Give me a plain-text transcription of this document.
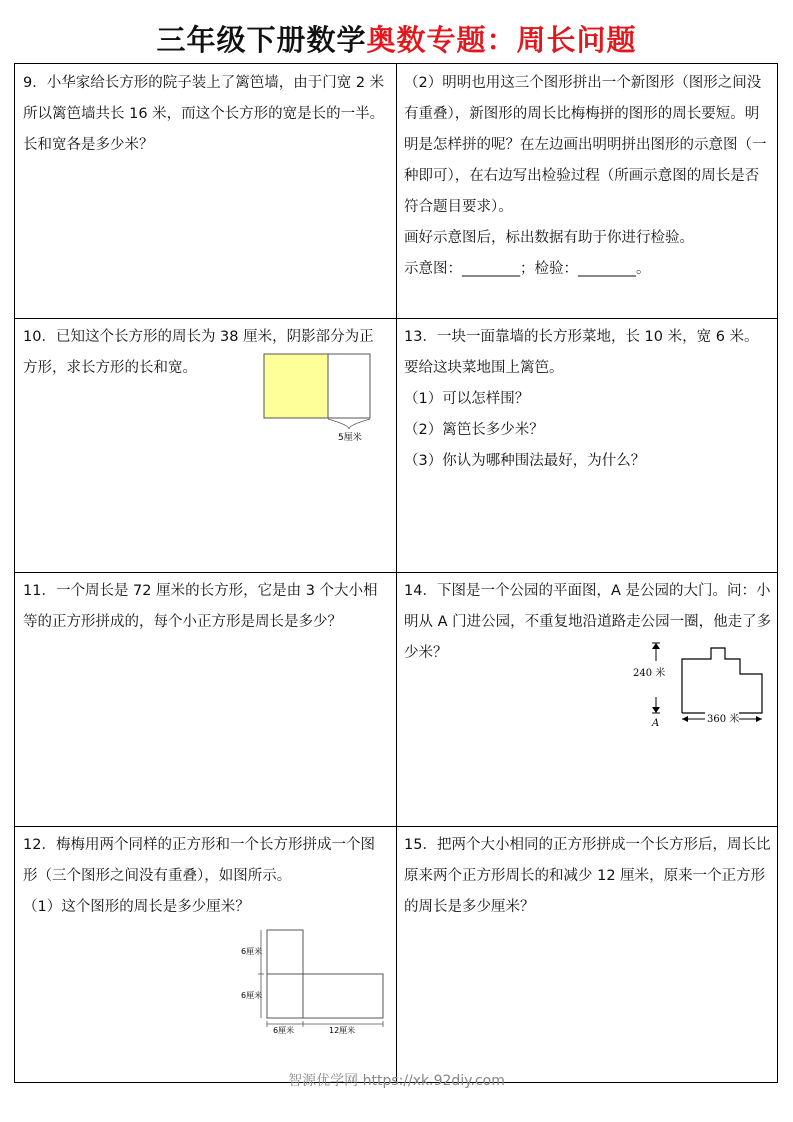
三年级下册数学奥数专题：周长问题

9．小华家给长方形的院子装上了篱笆墙，由于门宽 2 米所以篱笆墙共长 16 米，而这个长方形的宽是长的一半。长和宽各是多少米？

（2）明明也用这三个图形拼出一个新图形（图形之间没有重叠），新图形的周长比梅梅拼的图形的周长要短。明明是怎样拼的呢？在左边画出明明拼出图形的示意图（一种即可），在右边写出检验过程（所画示意图的周长是否符合题目要求）。

画好示意图后，标出数据有助于你进行检验。

示意图：________；检验：________。

10．已知这个长方形的周长为 38 厘米，阴影部分为正方形，求长方形的长和宽。

5厘米

13．一块一面靠墙的长方形菜地，长 10 米，宽 6 米。要给这块菜地围上篱笆。

（1）可以怎样围？

（2）篱笆长多少米？

（3）你认为哪种围法最好，为什么？

11．一个周长是 72 厘米的长方形，它是由 3 个大小相等的正方形拼成的，每个小正方形是周长是多少？

14．下图是一个公园的平面图，A 是公园的大门。问：小明从 A 门进公园，不重复地沿道路走公园一圈，他走了多少米？

240 米
A	360 米

12．梅梅用两个同样的正方形和一个长方形拼成一个图形（三个图形之间没有重叠），如图所示。

（1）这个图形的周长是多少厘米？

6厘米
6厘米
6厘米	12厘米

15．把两个大小相同的正方形拼成一个长方形后，周长比原来两个正方形周长的和减少 12 厘米，原来一个正方形的周长是多少厘米？

智源优学网 https://xk.92diy.com
